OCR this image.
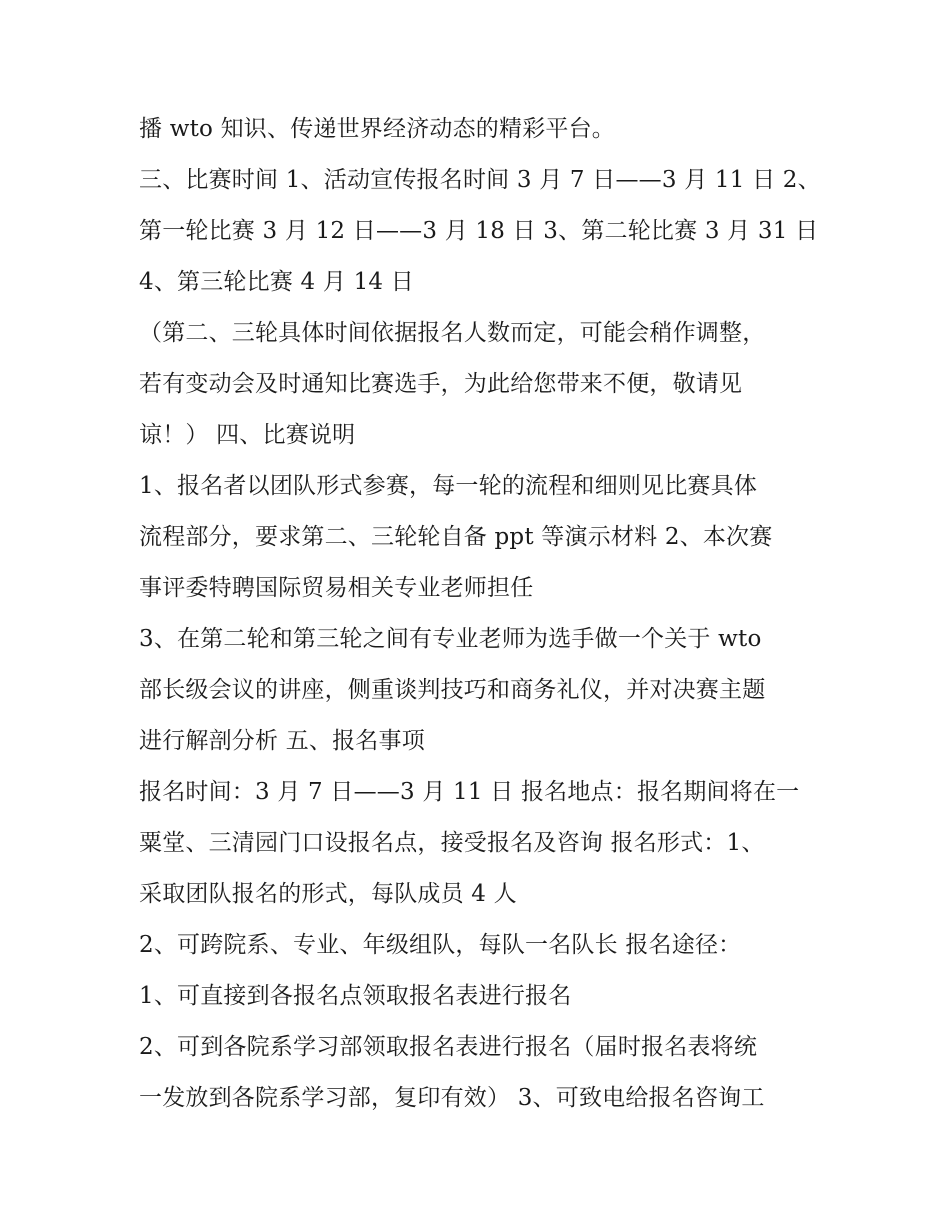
播 wto 知识、传递世界经济动态的精彩平台。
三、比赛时间 1、活动宣传报名时间 3 月 7 日——3 月 11 日 2、
第一轮比赛 3 月 12 日——3 月 18 日 3、第二轮比赛 3 月 31 日
4、第三轮比赛 4 月 14 日
（第二、三轮具体时间依据报名人数而定，可能会稍作调整，
若有变动会及时通知比赛选手，为此给您带来不便，敬请见
谅！） 四、比赛说明
1、报名者以团队形式参赛，每一轮的流程和细则见比赛具体
流程部分，要求第二、三轮轮自备 ppt 等演示材料 2、本次赛
事评委特聘国际贸易相关专业老师担任
3、在第二轮和第三轮之间有专业老师为选手做一个关于 wto
部长级会议的讲座，侧重谈判技巧和商务礼仪，并对决赛主题
进行解剖分析 五、报名事项
报名时间：3 月 7 日——3 月 11 日 报名地点：报名期间将在一
粟堂、三清园门口设报名点，接受报名及咨询 报名形式：1、
采取团队报名的形式，每队成员 4 人
2、可跨院系、专业、年级组队，每队一名队长 报名途径：
1、可直接到各报名点领取报名表进行报名
2、可到各院系学习部领取报名表进行报名（届时报名表将统
一发放到各院系学习部，复印有效） 3、可致电给报名咨询工
